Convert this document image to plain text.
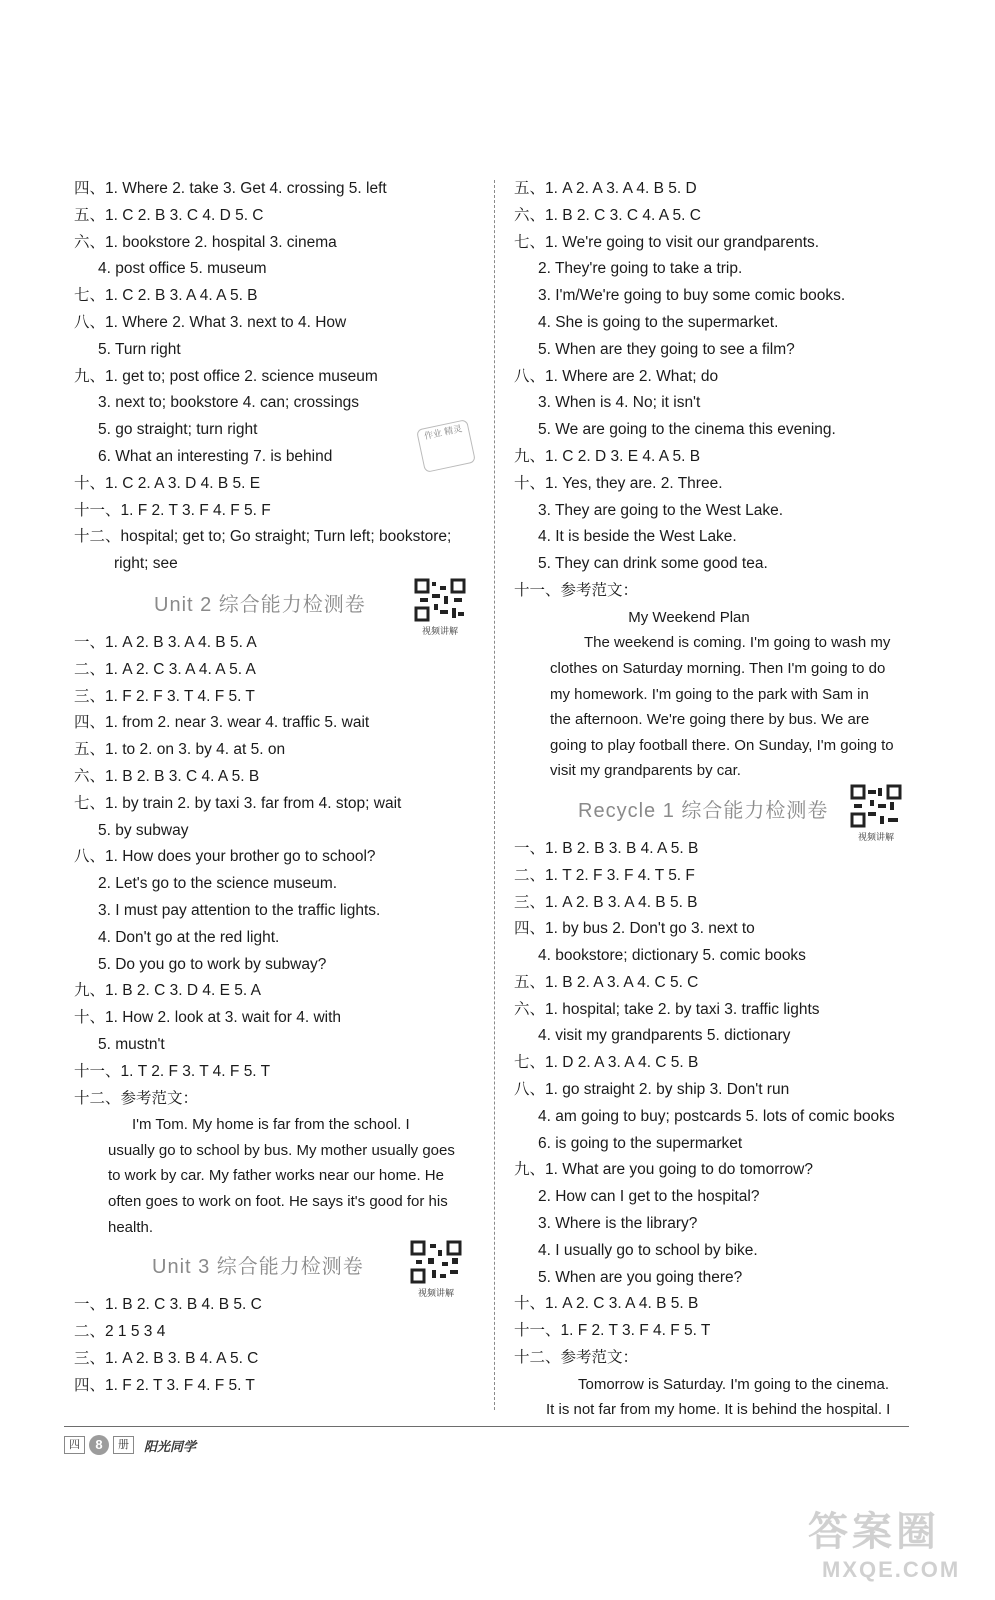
四、1. Where 2. take 3. Get 4. crossing 5. left
五、1. C 2. B 3. C 4. D 5. C
六、1. bookstore 2. hospital 3. cinema
4. post office 5. museum
七、1. C 2. B 3. A 4. A 5. B
八、1. Where 2. What 3. next to 4. How
5. Turn right
九、1. get to; post office 2. science museum
3. next to; bookstore 4. can; crossings
5. go straight; turn right
6. What an interesting 7. is behind
十、1. C 2. A 3. D 4. B 5. E
十一、1. F 2. T 3. F 4. F 5. F
十二、hospital; get to; Go straight; Turn left; bookstore;
right; see
Unit 2 综合能力检测卷
视频讲解
一、1. A 2. B 3. A 4. B 5. A
二、1. A 2. C 3. A 4. A 5. A
三、1. F 2. F 3. T 4. F 5. T
四、1. from 2. near 3. wear 4. traffic 5. wait
五、1. to 2. on 3. by 4. at 5. on
六、1. B 2. B 3. C 4. A 5. B
七、1. by train 2. by taxi 3. far from 4. stop; wait
5. by subway
八、1. How does your brother go to school?
2. Let's go to the science museum.
3. I must pay attention to the traffic lights.
4. Don't go at the red light.
5. Do you go to work by subway?
九、1. B 2. C 3. D 4. E 5. A
十、1. How 2. look at 3. wait for 4. with
5. mustn't
十一、1. T 2. F 3. T 4. F 5. T
十二、参考范文：
I'm Tom. My home is far from the school. I
usually go to school by bus. My mother usually goes
to work by car. My father works near our home. He
often goes to work on foot. He says it's good for his
health.
Unit 3 综合能力检测卷
视频讲解
一、1. B 2. C 3. B 4. B 5. C
二、2 1 5 3 4
三、1. A 2. B 3. B 4. A 5. C
四、1. F 2. T 3. F 4. F 5. T
作业 精灵
五、1. A 2. A 3. A 4. B 5. D
六、1. B 2. C 3. C 4. A 5. C
七、1. We're going to visit our grandparents.
2. They're going to take a trip.
3. I'm/We're going to buy some comic books.
4. She is going to the supermarket.
5. When are they going to see a film?
八、1. Where are 2. What; do
3. When is 4. No; it isn't
5. We are going to the cinema this evening.
九、1. C 2. D 3. E 4. A 5. B
十、1. Yes, they are. 2. Three.
3. They are going to the West Lake.
4. It is beside the West Lake.
5. They can drink some good tea.
十一、参考范文：
My Weekend Plan
The weekend is coming. I'm going to wash my
clothes on Saturday morning. Then I'm going to do
my homework. I'm going to the park with Sam in
the afternoon. We're going there by bus. We are
going to play football there. On Sunday, I'm going to
visit my grandparents by car.
Recycle 1 综合能力检测卷
视频讲解
一、1. B 2. B 3. B 4. A 5. B
二、1. T 2. F 3. F 4. T 5. F
三、1. A 2. B 3. A 4. B 5. B
四、1. by bus 2. Don't go 3. next to
4. bookstore; dictionary 5. comic books
五、1. B 2. A 3. A 4. C 5. C
六、1. hospital; take 2. by taxi 3. traffic lights
4. visit my grandparents 5. dictionary
七、1. D 2. A 3. A 4. C 5. B
八、1. go straight 2. by ship 3. Don't run
4. am going to buy; postcards 5. lots of comic books
6. is going to the supermarket
九、1. What are you going to do tomorrow?
2. How can I get to the hospital?
3. Where is the library?
4. I usually go to school by bike.
5. When are you going there?
十、1. A 2. C 3. A 4. B 5. B
十一、1. F 2. T 3. F 4. F 5. T
十二、参考范文：
Tomorrow is Saturday. I'm going to the cinema.
It is not far from my home. It is behind the hospital. I
四	8	册	阳光同学
答案圈
MXQE.COM
